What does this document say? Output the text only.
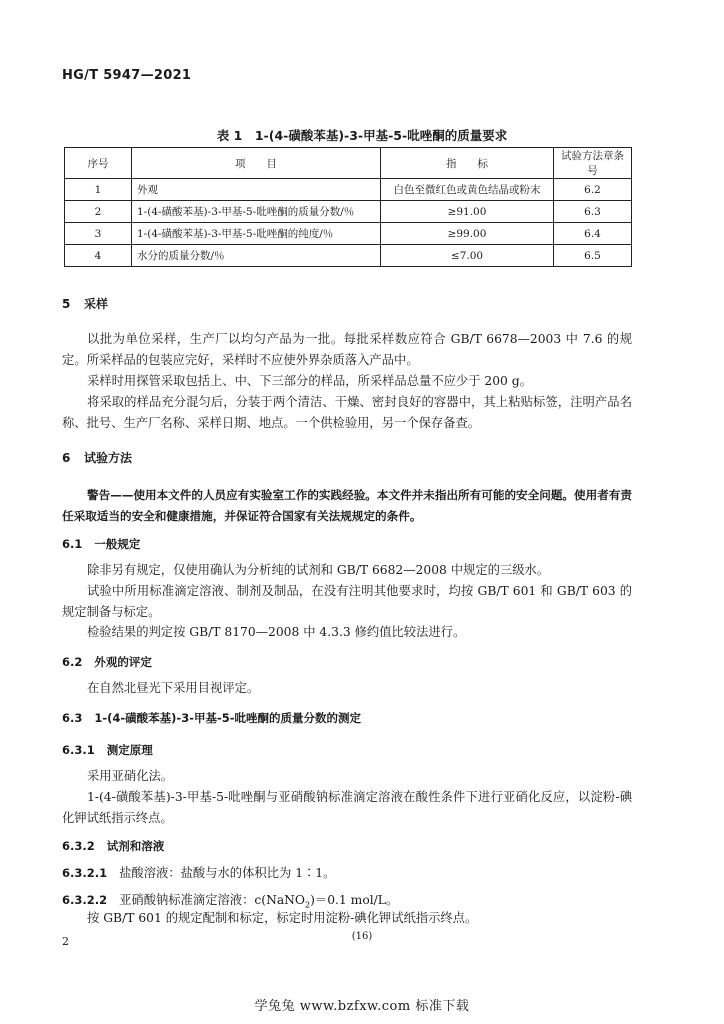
HG/T 5947—2021
表 1　1-(4-磺酸苯基)-3-甲基-5-吡唑酮的质量要求
序号	项　　目	指　　标	试验方法章条号
1	外观	白色至微红色或黄色结晶或粉末	6.2
2	1-(4-磺酸苯基)-3-甲基-5-吡唑酮的质量分数/％	≥91.00	6.3
3	1-(4-磺酸苯基)-3-甲基-5-吡唑酮的纯度/％	≥99.00	6.4
4	水分的质量分数/％	≤7.00	6.5
5 采样
以批为单位采样，生产厂以均匀产品为一批。每批采样数应符合 GB/T 6678—2003 中 7.6 的规定。所采样品的包装应完好，采样时不应使外界杂质落入产品中。
采样时用探管采取包括上、中、下三部分的样品，所采样品总量不应少于 200 g。
将采取的样品充分混匀后，分装于两个清洁、干燥、密封良好的容器中，其上粘贴标签，注明产品名称、批号、生产厂名称、采样日期、地点。一个供检验用，另一个保存备查。
6 试验方法
警告——使用本文件的人员应有实验室工作的实践经验。本文件并未指出所有可能的安全问题。使用者有责任采取适当的安全和健康措施，并保证符合国家有关法规规定的条件。
6.1 一般规定
除非另有规定，仅使用确认为分析纯的试剂和 GB/T 6682—2008 中规定的三级水。
试验中所用标准滴定溶液、制剂及制品，在没有注明其他要求时，均按 GB/T 601 和 GB/T 603 的规定制备与标定。
检验结果的判定按 GB/T 8170—2008 中 4.3.3 修约值比较法进行。
6.2 外观的评定
在自然北昼光下采用目视评定。
6.3 1-(4-磺酸苯基)-3-甲基-5-吡唑酮的质量分数的测定
6.3.1 测定原理
采用亚硝化法。
1-(4-磺酸苯基)-3-甲基-5-吡唑酮与亚硝酸钠标准滴定溶液在酸性条件下进行亚硝化反应，以淀粉-碘化钾试纸指示终点。
6.3.2 试剂和溶液
6.3.2.1 盐酸溶液：盐酸与水的体积比为 1∶1。
6.3.2.2 亚硝酸钠标准滴定溶液：c(NaNO$_2$)＝0.1 mol/L。
按 GB/T 601 的规定配制和标定，标定时用淀粉-碘化钾试纸指示终点。
2	(16)
学兔兔 www.bzfxw.com 标准下载
